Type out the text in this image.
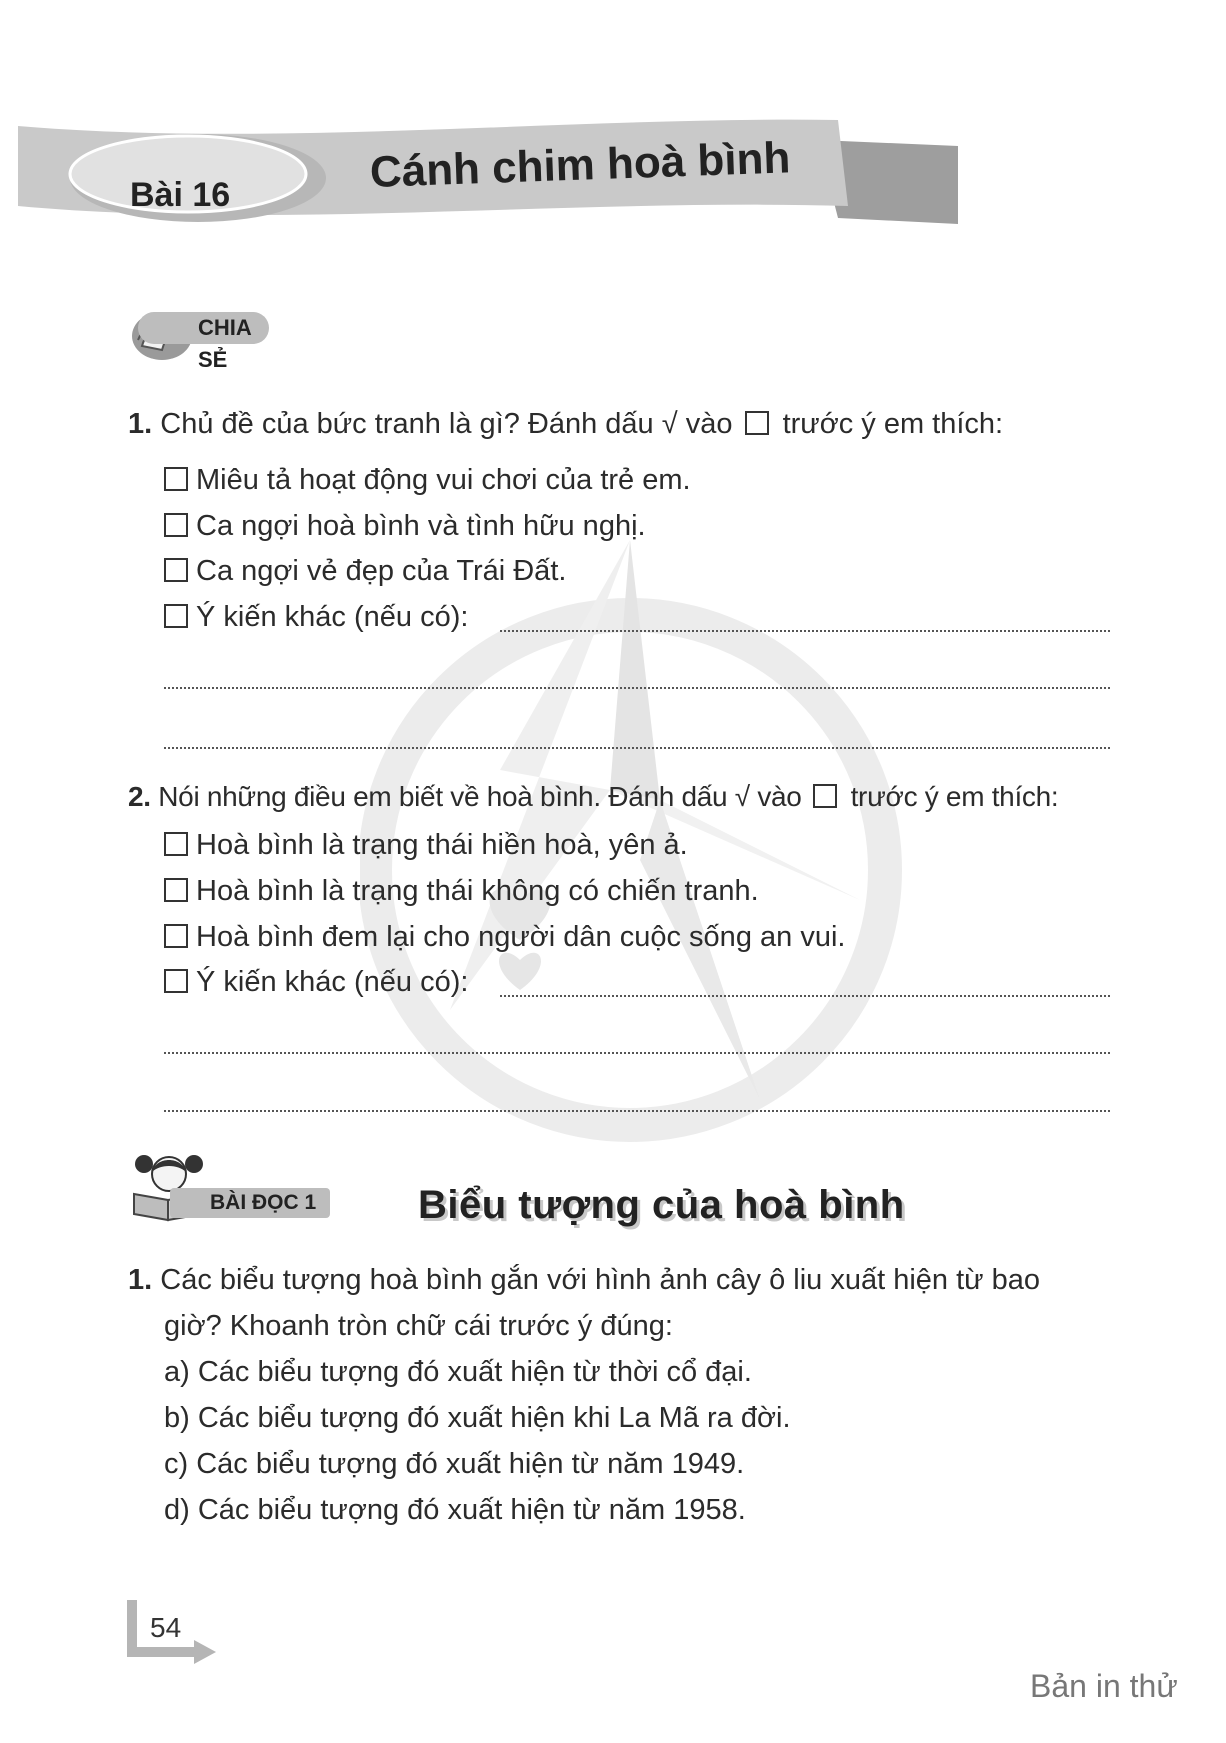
Bài 16	Cánh chim hoà bình
CHIA SẺ
1. Chủ đề của bức tranh là gì? Đánh dấu √ vào trước ý em thích:
Miêu tả hoạt động vui chơi của trẻ em.
Ca ngợi hoà bình và tình hữu nghị.
Ca ngợi vẻ đẹp của Trái Đất.
Ý kiến khác (nếu có):
2. Nói những điều em biết về hoà bình. Đánh dấu √ vào trước ý em thích:
Hoà bình là trạng thái hiền hoà, yên ả.
Hoà bình là trạng thái không có chiến tranh.
Hoà bình đem lại cho người dân cuộc sống an vui.
Ý kiến khác (nếu có):
BÀI ĐỌC 1	Biểu tượng của hoà bình
1. Các biểu tượng hoà bình gắn với hình ảnh cây ô liu xuất hiện từ bao
giờ? Khoanh tròn chữ cái trước ý đúng:
a) Các biểu tượng đó xuất hiện từ thời cổ đại.
b) Các biểu tượng đó xuất hiện khi La Mã ra đời.
c) Các biểu tượng đó xuất hiện từ năm 1949.
d) Các biểu tượng đó xuất hiện từ năm 1958.
54
Bản in thử
